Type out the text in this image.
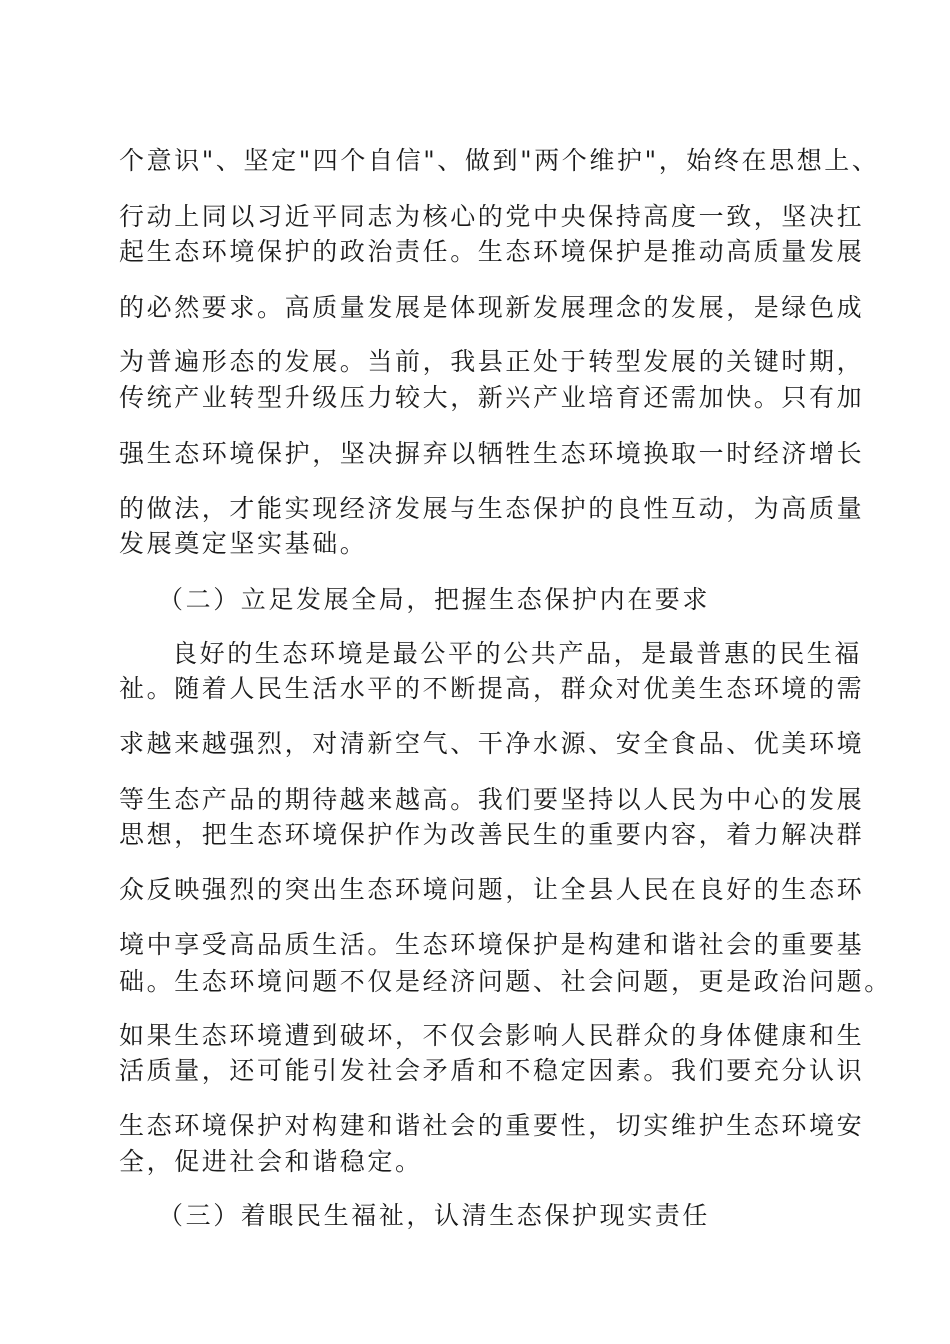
个意识"、坚定"四个自信"、做到"两个维护"，始终在思想上、
行动上同以习近平同志为核心的党中央保持高度一致，坚决扛
起生态环境保护的政治责任。生态环境保护是推动高质量发展
的必然要求。高质量发展是体现新发展理念的发展，是绿色成
为普遍形态的发展。当前，我县正处于转型发展的关键时期，
传统产业转型升级压力较大，新兴产业培育还需加快。只有加
强生态环境保护，坚决摒弃以牺牲生态环境换取一时经济增长
的做法，才能实现经济发展与生态保护的良性互动，为高质量
发展奠定坚实基础。
（二）立足发展全局，把握生态保护内在要求
良好的生态环境是最公平的公共产品，是最普惠的民生福
祉。随着人民生活水平的不断提高，群众对优美生态环境的需
求越来越强烈，对清新空气、干净水源、安全食品、优美环境
等生态产品的期待越来越高。我们要坚持以人民为中心的发展
思想，把生态环境保护作为改善民生的重要内容，着力解决群
众反映强烈的突出生态环境问题，让全县人民在良好的生态环
境中享受高品质生活。生态环境保护是构建和谐社会的重要基
础。生态环境问题不仅是经济问题、社会问题，更是政治问题。
如果生态环境遭到破坏，不仅会影响人民群众的身体健康和生
活质量，还可能引发社会矛盾和不稳定因素。我们要充分认识
生态环境保护对构建和谐社会的重要性，切实维护生态环境安
全，促进社会和谐稳定。
（三）着眼民生福祉，认清生态保护现实责任
